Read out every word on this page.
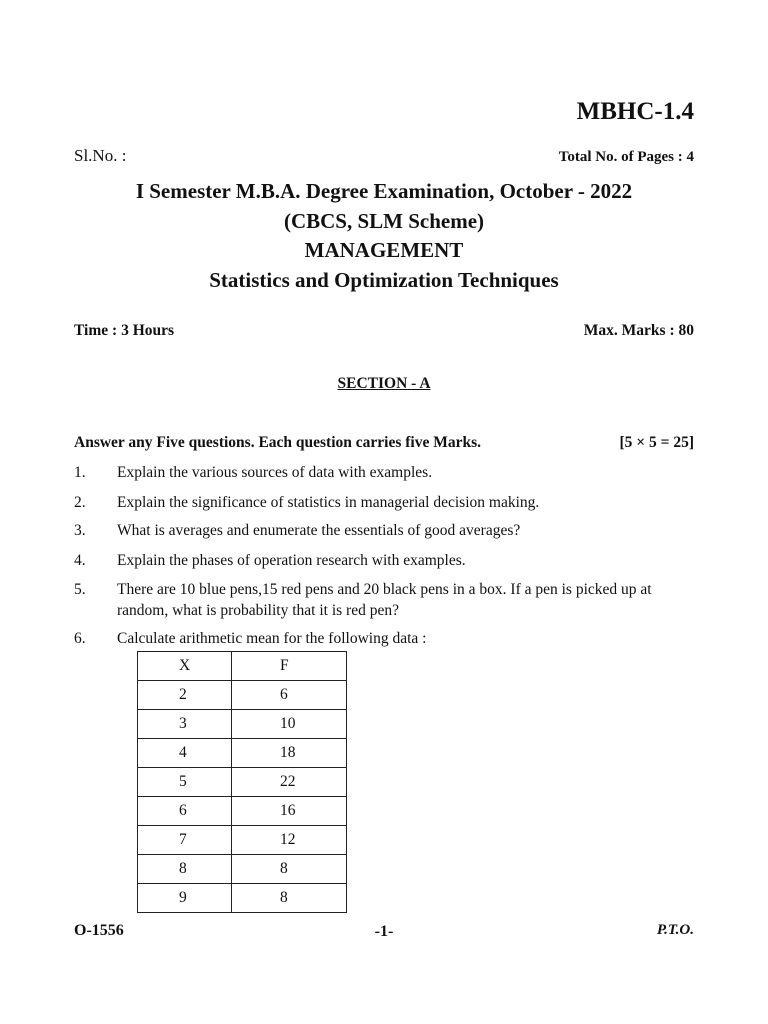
MBHC-1.4
Sl.No. :	Total No. of Pages : 4
I Semester M.B.A. Degree Examination, October - 2022
(CBCS, SLM Scheme)
MANAGEMENT
Statistics and Optimization Techniques
Time : 3 Hours	Max. Marks : 80
SECTION - A
Answer any Five questions. Each question carries five Marks.	[5 × 5 = 25]
1. Explain the various sources of data with examples.
2. Explain the significance of statistics in managerial decision making.
3. What is averages and enumerate the essentials of good averages?
4. Explain the phases of operation research with examples.
5. There are 10 blue pens,15 red pens and 20 black pens in a box. If a pen is picked up at random, what is probability that it is red pen?
6. Calculate arithmetic mean for the following data :
X	F
2	6
3	10
4	18
5	22
6	16
7	12
8	8
9	8
O-1556	-1-	P.T.O.
